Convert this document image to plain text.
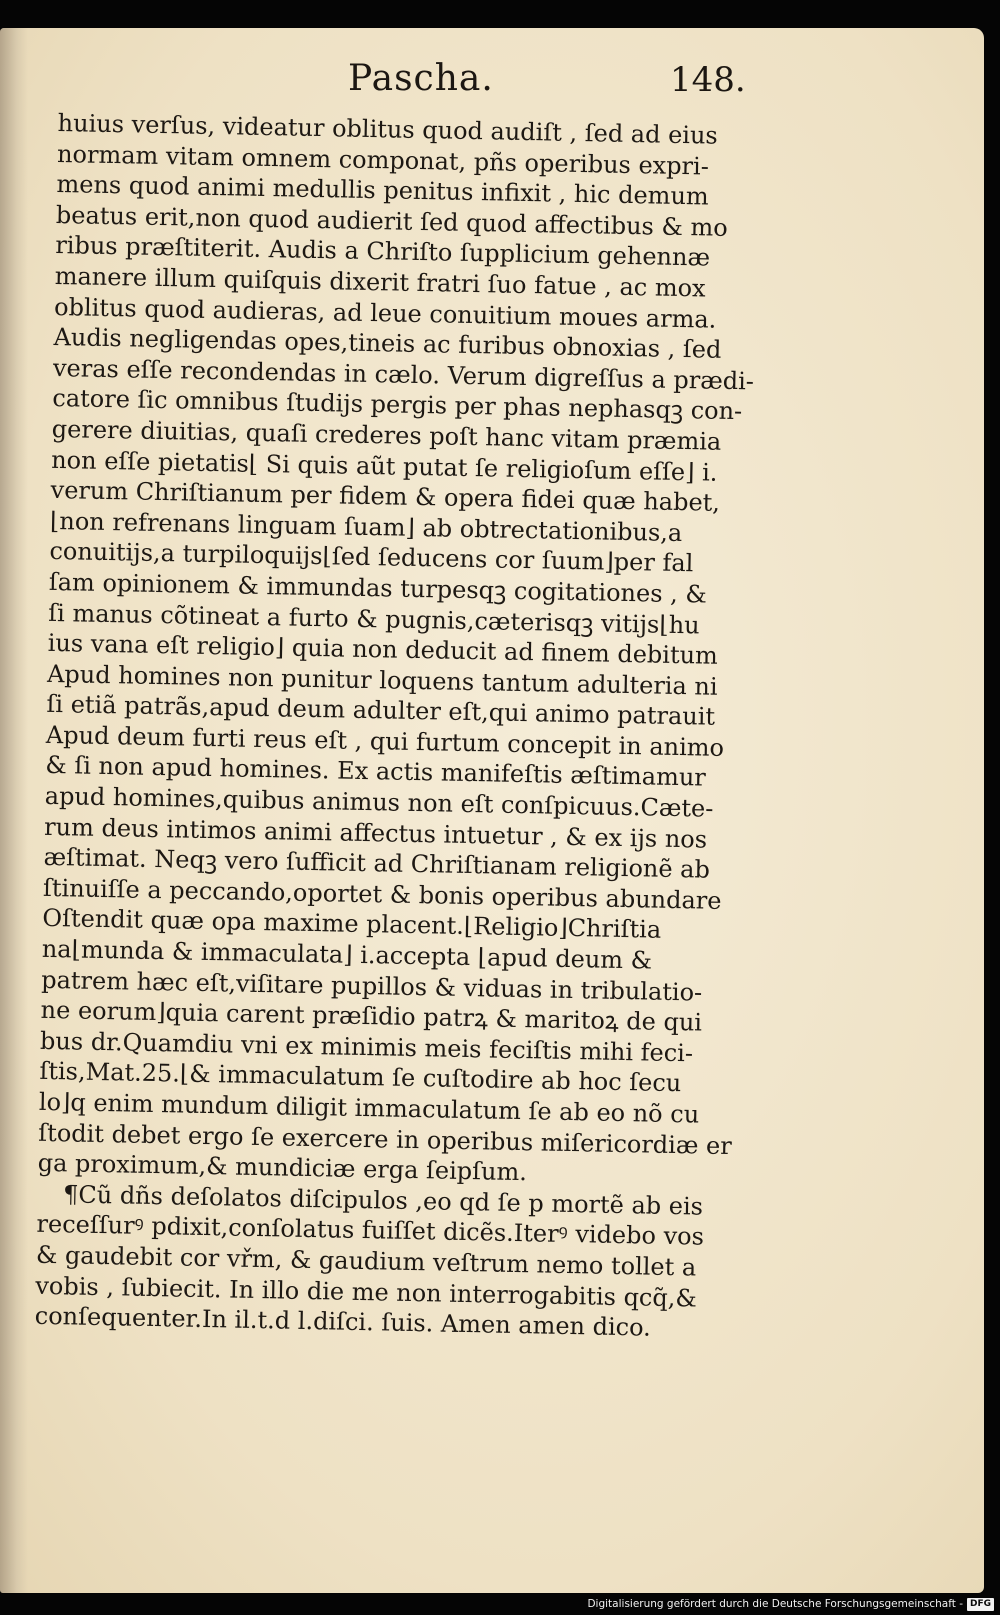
Pascha.	148.
huius verſus, videatur oblitus quod audiſt , ſed ad eius
normam vitam omnem componat, pñs operibus expri-
mens quod animi medullis penitus infixit , hic demum
beatus erit,non quod audierit ſed quod affectibus & mo
ribus præſtiterit. Audis a Chriſto ſupplicium gehennæ
manere illum quiſquis dixerit fratri ſuo fatue , ac mox
oblitus quod audieras, ad leue conuitium moues arma.
Audis negligendas opes,tineis ac furibus obnoxias , ſed
veras eſſe recondendas in cælo. Verum digreſſus a prædi-
catore ſic omnibus ſtudijs pergis per phas nephasqꝫ con-
gerere diuitias, quaſi crederes poſt hanc vitam præmia
non eſſe pietatis⌊ Si quis aũt putat ſe religioſum eſſe⌋ i.
verum Chriſtianum per fidem & opera fidei quæ habet,
⌊non refrenans linguam ſuam⌋ ab obtrectationibus,a
conuitijs,a turpiloquijs⌊ſed ſeducens cor ſuum⌋per fal
ſam opinionem & immundas turpesqꝫ cogitationes , &
ſi manus cõtineat a furto & pugnis,cæterisqꝫ vitijs⌊hu
ius vana eſt religio⌋ quia non deducit ad finem debitum
Apud homines non punitur loquens tantum adulteria ni
ſi etiã patrãs,apud deum adulter eſt,qui animo patrauit
Apud deum furti reus eſt , qui furtum concepit in animo
& ſi non apud homines. Ex actis manifeſtis æſtimamur
apud homines,quibus animus non eſt conſpicuus.Cæte-
rum deus intimos animi affectus intuetur , & ex ijs nos
æſtimat. Neqꝫ vero ſufficit ad Chriſtianam religionẽ ab
ſtinuiſſe a peccando,oportet & bonis operibus abundare
Oſtendit quæ opa maxime placent.⌊Religio⌋Chriſtia
na⌊munda & immaculata⌋ i.accepta ⌊apud deum &
patrem hæc eſt,viſitare pupillos & viduas in tribulatio-
ne eorum⌋quia carent præſidio patrꝝ & maritoꝝ de qui
bus dr.Quamdiu vni ex minimis meis feciſtis mihi feci-
ſtis,Mat.25.⌊& immaculatum ſe cuſtodire ab hoc ſecu
lo⌋q enim mundum diligit immaculatum ſe ab eo nõ cu
ſtodit debet ergo ſe exercere in operibus miſericordiæ er
ga proximum,& mundiciæ erga ſeipſum.
¶Cũ dñs deſolatos diſcipulos ,eo qd ſe p mortẽ ab eis
receſſurꝰ pdixit,conſolatus fuiſſet dicẽs.Iterꝰ videbo vos
& gaudebit cor vřm, & gaudium veſtrum nemo tollet a
vobis , ſubiecit. In illo die me non interrogabitis qcq̃,&
conſequenter.In il.t.d l.diſci. ſuis. Amen amen dico.
Digitalisierung gefördert durch die Deutsche Forschungsgemeinschaft - DFG
